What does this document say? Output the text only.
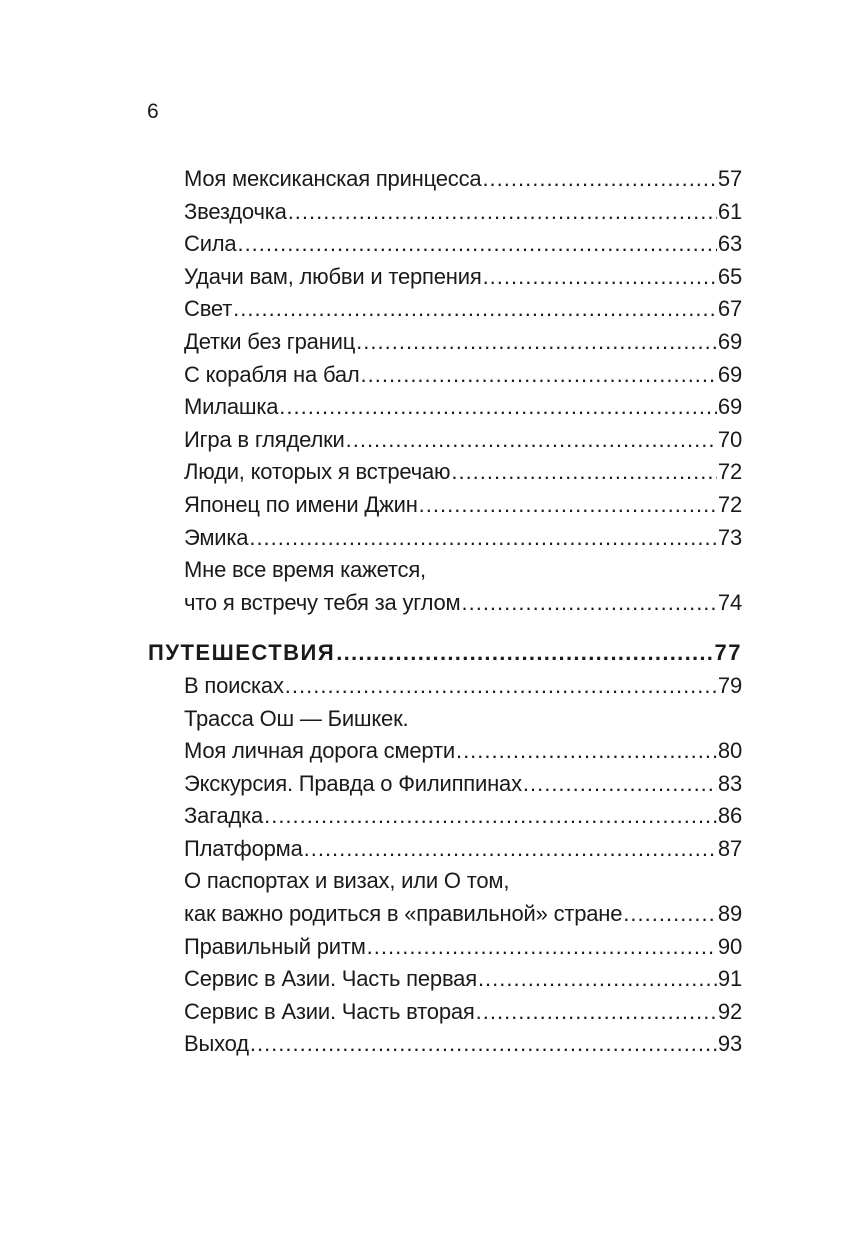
6
Моя мексиканская принцесса .....	57
Звездочка .....	61
Сила .....	63
Удачи вам, любви и терпения .....	65
Свет .....	67
Детки без границ .....	69
С корабля на бал .....	69
Милашка .....	69
Игра в гляделки .....	70
Люди, которых я встречаю .....	72
Японец по имени Джин .....	72
Эмика .....	73
Мне все время кажется,
что я встречу тебя за углом .....	74
ПУТЕШЕСТВИЯ .....	77
В поисках .....	79
Трасса Ош — Бишкек.
Моя личная дорога смерти .....	80
Экскурсия. Правда о Филиппинах .....	83
Загадка .....	86
Платформа .....	87
О паспортах и визах, или О том,
как важно родиться в «правильной» стране .....	89
Правильный ритм .....	90
Сервис в Азии. Часть первая .....	91
Сервис в Азии. Часть вторая .....	92
Выход .....	93
